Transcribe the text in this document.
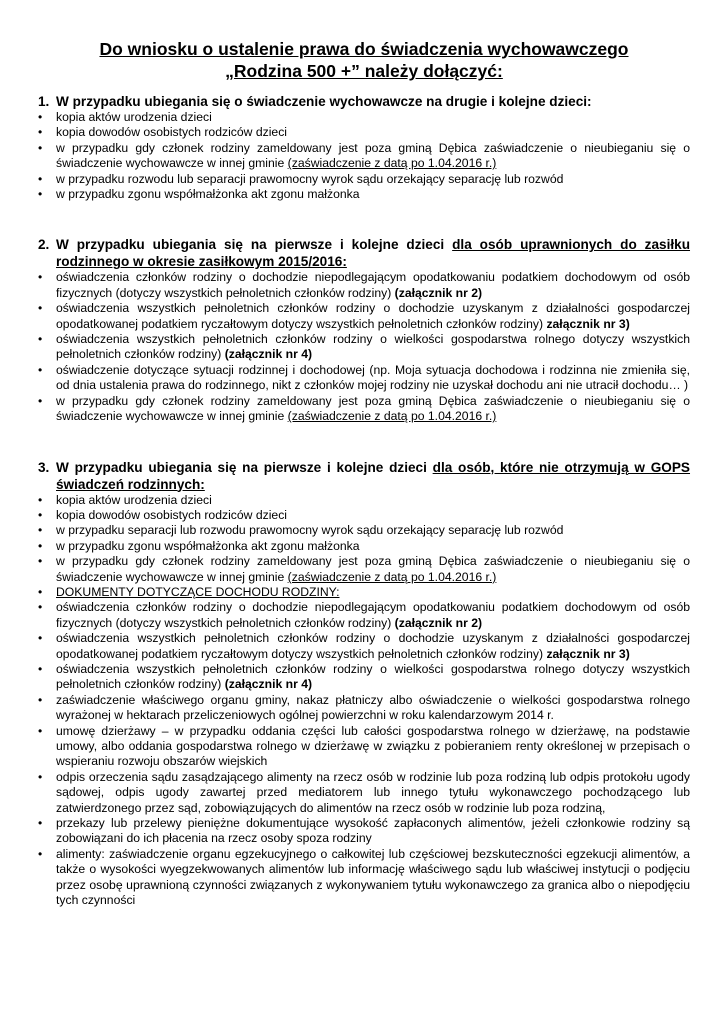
Do wniosku o ustalenie prawa do świadczenia wychowawczego

„Rodzina 500 +” należy dołączyć:

1. W przypadku ubiegania się o świadczenie wychowawcze na drugie i kolejne dzieci:
• kopia aktów urodzenia dzieci
• kopia dowodów osobistych rodziców dzieci
• w przypadku gdy członek rodziny zameldowany jest poza gminą Dębica zaświadczenie o nieubieganiu się o świadczenie wychowawcze w innej gminie (zaświadczenie z datą po 1.04.2016 r.)
• w przypadku rozwodu lub separacji prawomocny wyrok sądu orzekający separację lub rozwód
• w przypadku zgonu współmałżonka akt zgonu małżonka
2. W przypadku ubiegania się na pierwsze i kolejne dzieci dla osób uprawnionych do zasiłku rodzinnego w okresie zasiłkowym 2015/2016:
• oświadczenia członków rodziny o dochodzie niepodlegającym opodatkowaniu podatkiem dochodowym od osób fizycznych (dotyczy wszystkich pełnoletnich członków rodziny) (załącznik nr 2)
• oświadczenia wszystkich pełnoletnich członków rodziny o dochodzie uzyskanym z działalności gospodarczej opodatkowanej podatkiem ryczałtowym dotyczy wszystkich pełnoletnich członków rodziny) załącznik nr 3)
• oświadczenia wszystkich pełnoletnich członków rodziny o wielkości gospodarstwa rolnego dotyczy wszystkich pełnoletnich członków rodziny) (załącznik nr 4)
• oświadczenie dotyczące sytuacji rodzinnej i dochodowej (np. Moja sytuacja dochodowa i rodzinna nie zmieniła się, od dnia ustalenia prawa do rodzinnego, nikt z członków mojej rodziny nie uzyskał dochodu ani nie utracił dochodu… )
• w przypadku gdy członek rodziny zameldowany jest poza gminą Dębica zaświadczenie o nieubieganiu się o świadczenie wychowawcze w innej gminie (zaświadczenie z datą po 1.04.2016 r.)
3. W przypadku ubiegania się na pierwsze i kolejne dzieci dla osób, które nie otrzymują w GOPS świadczeń rodzinnych:
• kopia aktów urodzenia dzieci
• kopia dowodów osobistych rodziców dzieci
• w przypadku separacji lub rozwodu prawomocny wyrok sądu orzekający separację lub rozwód
• w przypadku zgonu współmałżonka akt zgonu małżonka
• w przypadku gdy członek rodziny zameldowany jest poza gminą Dębica zaświadczenie o nieubieganiu się o świadczenie wychowawcze w innej gminie (zaświadczenie z datą po 1.04.2016 r.)
• DOKUMENTY DOTYCZĄCE DOCHODU RODZINY:
• oświadczenia członków rodziny o dochodzie niepodlegającym opodatkowaniu podatkiem dochodowym od osób fizycznych (dotyczy wszystkich pełnoletnich członków rodziny) (załącznik nr 2)
• oświadczenia wszystkich pełnoletnich członków rodziny o dochodzie uzyskanym z działalności gospodarczej opodatkowanej podatkiem ryczałtowym dotyczy wszystkich pełnoletnich członków rodziny) załącznik nr 3)
• oświadczenia wszystkich pełnoletnich członków rodziny o wielkości gospodarstwa rolnego dotyczy wszystkich pełnoletnich członków rodziny) (załącznik nr 4)
• zaświadczenie właściwego organu gminy, nakaz płatniczy albo oświadczenie o wielkości gospodarstwa rolnego wyrażonej w hektarach przeliczeniowych ogólnej powierzchni w roku kalendarzowym 2014 r.
• umowę dzierżawy – w przypadku oddania części lub całości gospodarstwa rolnego w dzierżawę, na podstawie umowy, albo oddania gospodarstwa rolnego w dzierżawę w związku z pobieraniem renty określonej w przepisach o wspieraniu rozwoju obszarów wiejskich
• odpis orzeczenia sądu zasądzającego alimenty na rzecz osób w rodzinie lub poza rodziną lub odpis protokołu ugody sądowej, odpis ugody zawartej przed mediatorem lub innego tytułu wykonawczego pochodzącego lub zatwierdzonego przez sąd, zobowiązujących do alimentów na rzecz osób w rodzinie lub poza rodziną,
• przekazy lub przelewy pieniężne dokumentujące wysokość zapłaconych alimentów, jeżeli członkowie rodziny są zobowiązani do ich płacenia na rzecz osoby spoza rodziny
• alimenty: zaświadczenie organu egzekucyjnego o całkowitej lub częściowej bezskuteczności egzekucji alimentów, a także o wysokości wyegzekwowanych alimentów lub informację właściwego sądu lub właściwej instytucji o podjęciu przez osobę uprawnioną czynności związanych z wykonywaniem tytułu wykonawczego za granica albo o niepodjęciu tych czynności
